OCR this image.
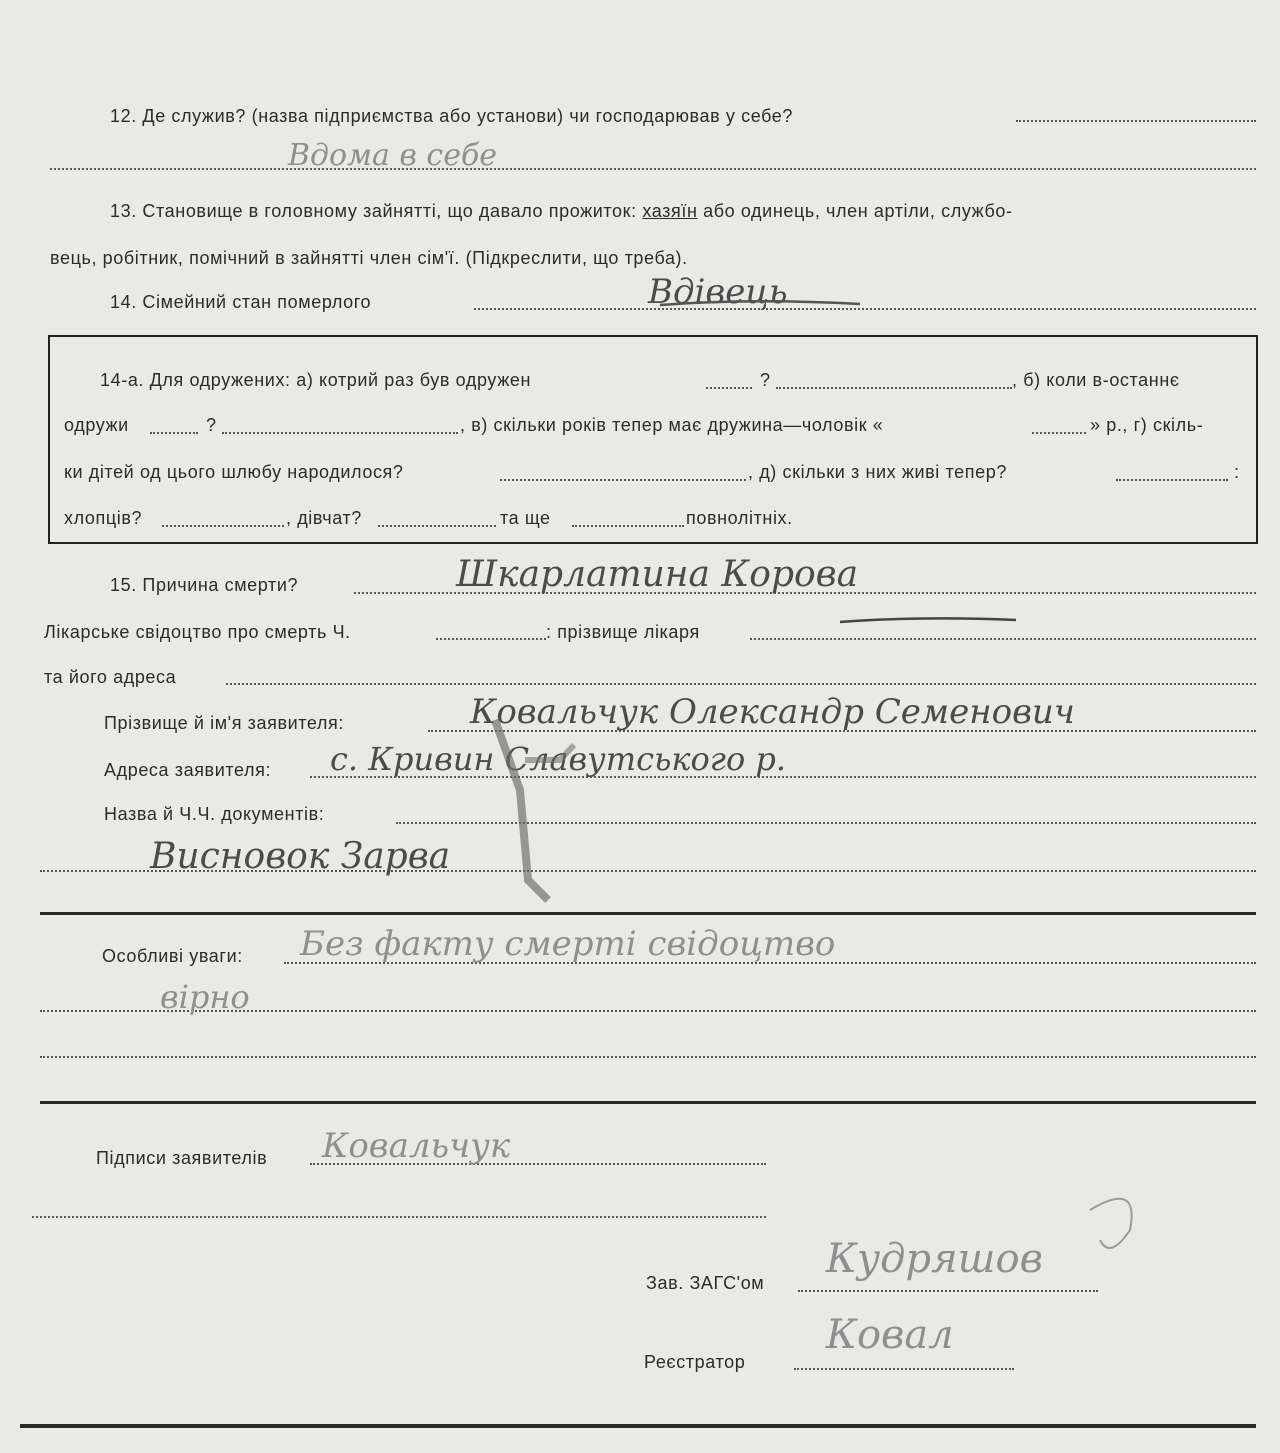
12. Де служив? (назва підприємства або установи) чи господарював у себе?
Вдома в себе
13. Становище в головному зайнятті, що давало прожиток: хазяїн або одинець, член артіли, службо-
вець, робітник, помічний в зайнятті член сім'ї. (Підкреслити, що треба).
14. Сімейний стан померлого	Вдівець
14-а. Для одружених: а) котрий раз був одружен	?	, б) коли в-останнє
одружи	?	, в) скільки років тепер має дружина—чоловік «	» р., г) скіль-
ки дітей од цього шлюбу народилося?	, д) скільки з них живі тепер?	:
хлопців?	, дівчат?	та ще	повнолітніх.
15. Причина смерти?	Шкарлатина Корова
Лікарське свідоцтво про смерть Ч.	: прізвище лікаря
та його адреса
Прізвище й ім'я заявителя:	Ковальчук Олександр Семенович
Адреса заявителя: с. Кривин Славутського р.
Назва й Ч.Ч. документів:
Висновок Зарва
Особливі уваги: Без факту смерті свідоцтво
вірно
Підписи заявителів Ковальчук
Зав. ЗАГС'ом
Кудряшов
Реєстратор
Ковал
